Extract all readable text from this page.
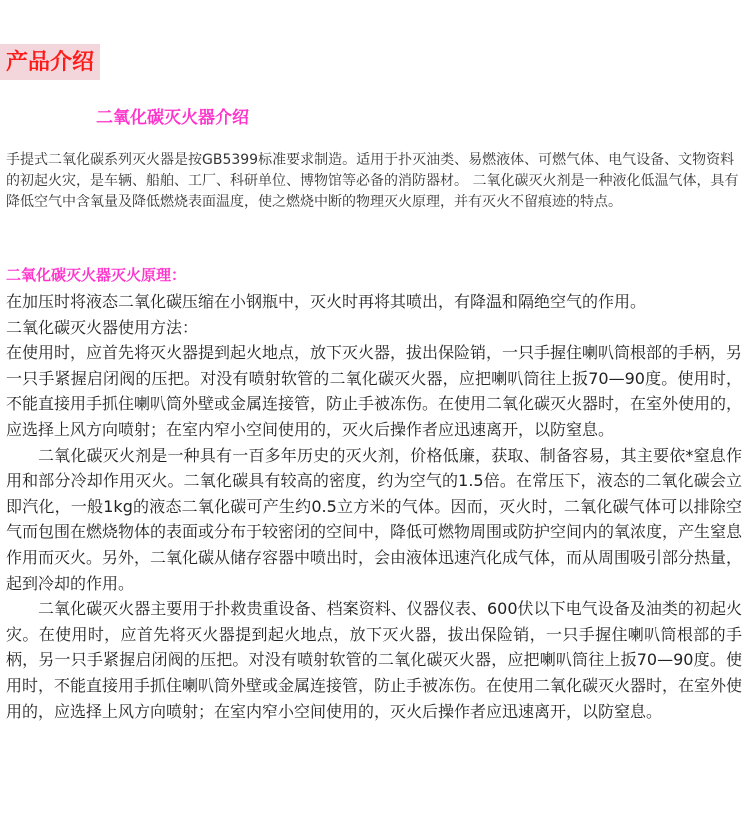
产品介绍
二氧化碳灭火器介绍
手提式二氧化碳系列灭火器是按GB5399标准要求制造。适用于扑灭油类、易燃液体、可燃气体、电气设备、文物资料的初起火灾，是车辆、船舶、工厂、科研单位、博物馆等必备的消防器材。 二氧化碳灭火剂是一种液化低温气体，具有降低空气中含氧量及降低燃烧表面温度，使之燃烧中断的物理灭火原理，并有灭火不留痕迹的特点。
二氧化碳灭火器灭火原理：

在加压时将液态二氧化碳压缩在小钢瓶中，灭火时再将其喷出，有降温和隔绝空气的作用。

二氧化碳灭火器使用方法：

在使用时，应首先将灭火器提到起火地点，放下灭火器，拔出保险销，一只手握住喇叭筒根部的手柄，另一只手紧握启闭阀的压把。对没有喷射软管的二氧化碳灭火器，应把喇叭筒往上扳70—90度。使用时，不能直接用手抓住喇叭筒外壁或金属连接管，防止手被冻伤。在使用二氧化碳灭火器时，在室外使用的，应选择上风方向喷射；在室内窄小空间使用的，灭火后操作者应迅速离开，以防窒息。

二氧化碳灭火剂是一种具有一百多年历史的灭火剂，价格低廉，获取、制备容易，其主要依*窒息作用和部分冷却作用灭火。二氧化碳具有较高的密度，约为空气的1.5倍。在常压下，液态的二氧化碳会立即汽化，一般1kg的液态二氧化碳可产生约0.5立方米的气体。因而，灭火时，二氧化碳气体可以排除空气而包围在燃烧物体的表面或分布于较密闭的空间中，降低可燃物周围或防护空间内的氧浓度，产生窒息作用而灭火。另外，二氧化碳从储存容器中喷出时，会由液体迅速汽化成气体，而从周围吸引部分热量，起到冷却的作用。

二氧化碳灭火器主要用于扑救贵重设备、档案资料、仪器仪表、600伏以下电气设备及油类的初起火灾。在使用时，应首先将灭火器提到起火地点，放下灭火器，拔出保险销，一只手握住喇叭筒根部的手柄，另一只手紧握启闭阀的压把。对没有喷射软管的二氧化碳灭火器，应把喇叭筒往上扳70—90度。使用时，不能直接用手抓住喇叭筒外壁或金属连接管，防止手被冻伤。在使用二氧化碳灭火器时，在室外使用的，应选择上风方向喷射；在室内窄小空间使用的，灭火后操作者应迅速离开，以防窒息。
